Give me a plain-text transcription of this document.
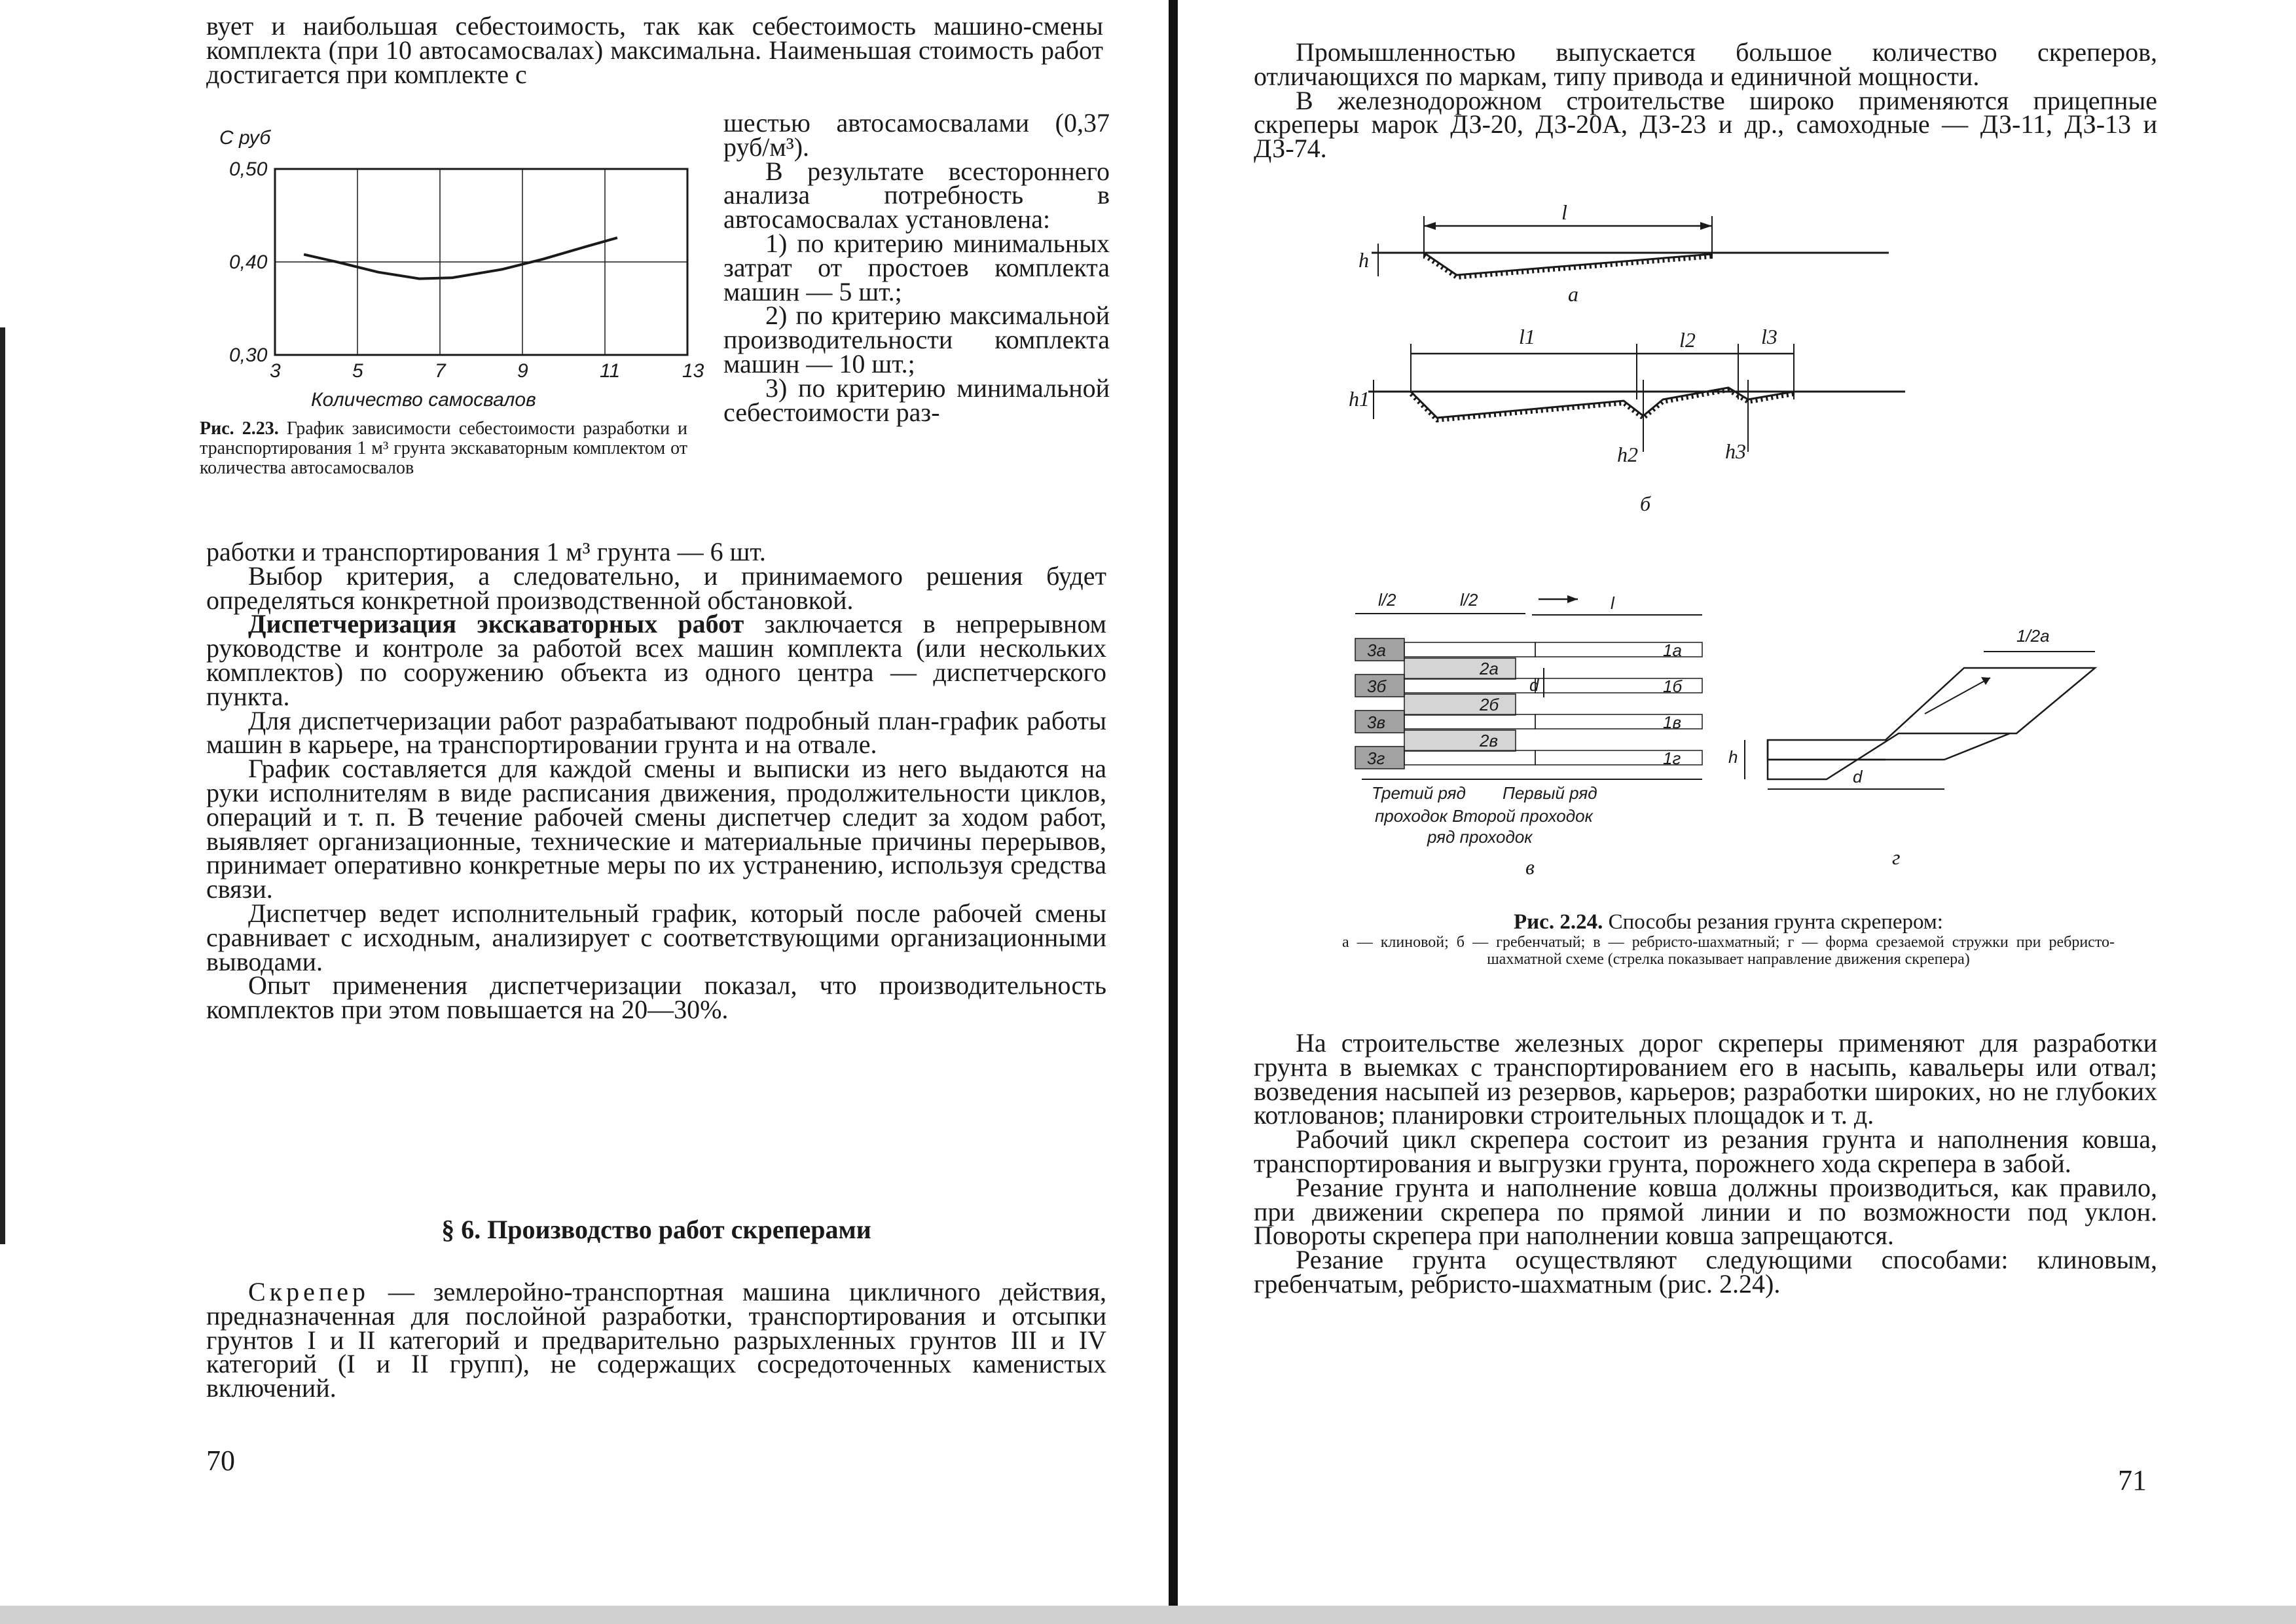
вует и наибольшая себестоимость, так как себестоимость машино-смены комплекта (при 10 автосамосвалах) максимальна. Наименьшая стоимость работ достигается при комплекте с

С руб
3	5	7	9	11	13
0,30
0,40
0,50
Количество самосвалов
Рис. 2.23. График зависимости себестоимости разработки и транспортирования 1 м³ грунта экскаваторным комплектом от количества автосамосвалов

шестью автосамосвалами (0,37 руб/м³).

В результате всестороннего анализа потребность в автосамосвалах установлена:

1) по критерию минимальных затрат от простоев комплекта машин — 5 шт.;

2) по критерию максимальной производительности комплекта машин — 10 шт.;

3) по критерию минимальной себестоимости раз-

работки и транспортирования 1 м³ грунта — 6 шт.

Выбор критерия, а следовательно, и принимаемого решения будет определяться конкретной производственной обстановкой.

Диспетчеризация экскаваторных работ заключается в непрерывном руководстве и контроле за работой всех машин комплекта (или нескольких комплектов) по сооружению объекта из одного центра — диспетчерского пункта.

Для диспетчеризации работ разрабатывают подробный план-график работы машин в карьере, на транспортировании грунта и на отвале.

График составляется для каждой смены и выписки из него выдаются на руки исполнителям в виде расписания движения, продолжительности циклов, операций и т. п. В течение рабочей смены диспетчер следит за ходом работ, выявляет организационные, технические и материальные причины перерывов, принимает оперативно конкретные меры по их устранению, используя средства связи.

Диспетчер ведет исполнительный график, который после рабочей смены сравнивает с исходным, анализирует с соответствующими организационными выводами.

Опыт применения диспетчеризации показал, что производительность комплектов при этом повышается на 20—30%.

§ 6. Производство работ скреперами

Скрепер — землеройно-транспортная машина цикличного действия, предназначенная для послойной разработки, транспортирования и отсыпки грунтов I и II категорий и предварительно разрыхленных грунтов III и IV категорий (I и II групп), не содержащих сосредоточенных каменистых включений.

70

Промышленностью выпускается большое количество скреперов, отличающихся по маркам, типу привода и единичной мощности.

В железнодорожном строительстве широко применяются прицепные скреперы марок ДЗ-20, ДЗ-20А, ДЗ-23 и др., самоходные — ДЗ-11, ДЗ-13 и ДЗ-74.

l
h
а
l1	l2	l3
h1
h2	h3
б
l/2	l/2	l
3а
3б
3в
3г
2а
2б
2в
1а
1б
1в
1г
d
Третий ряд Первый ряд
проходок Второй проходок
ряд проходок
в
1/2а
h
d
г
Рис. 2.24. Способы резания грунта скрепером:
а — клиновой; б — гребенчатый; в — ребристо-шахматный; г — форма срезаемой стружки при ребристо-шахматной схеме (стрелка показывает направление движения скрепера)

На строительстве железных дорог скреперы применяют для разработки грунта в выемках с транспортированием его в насыпь, кавальеры или отвал; возведения насыпей из резервов, карьеров; разработки широких, но не глубоких котлованов; планировки строительных площадок и т. д.

Рабочий цикл скрепера состоит из резания грунта и наполнения ковша, транспортирования и выгрузки грунта, порожнего хода скрепера в забой.

Резание грунта и наполнение ковша должны производиться, как правило, при движении скрепера по прямой линии и по возможности под уклон. Повороты скрепера при наполнении ковша запрещаются.

Резание грунта осуществляют следующими способами: клиновым, гребенчатым, ребристо-шахматным (рис. 2.24).

71
